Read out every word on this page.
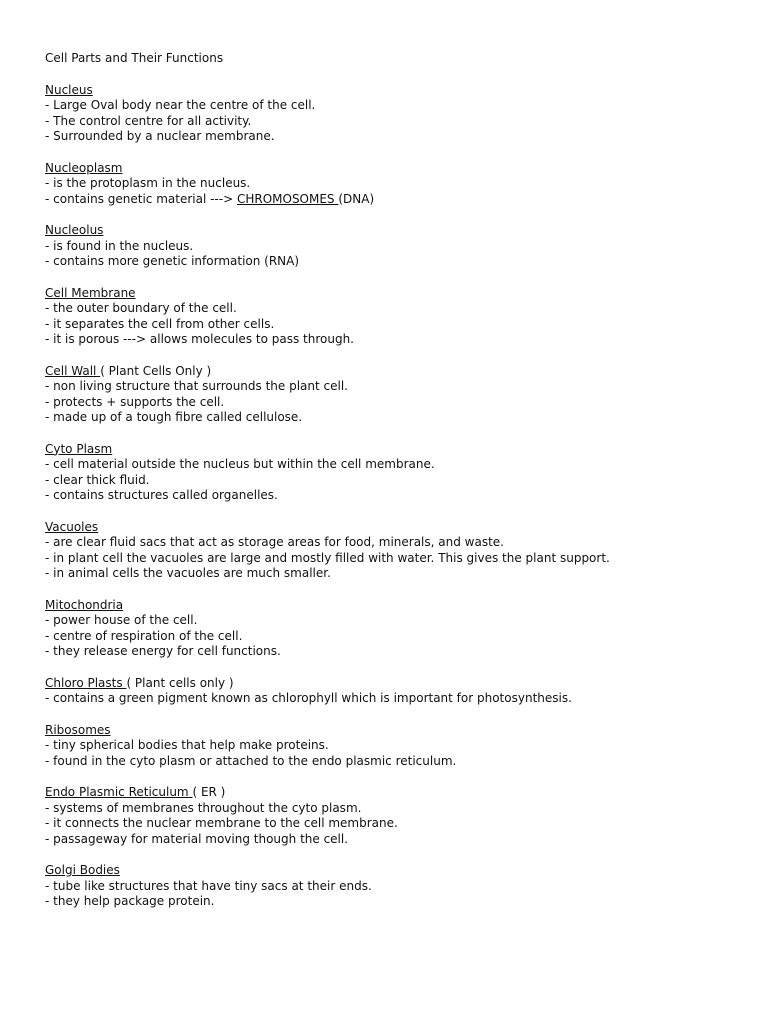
Cell Parts and Their Functions
Nucleus
- Large Oval body near the centre of the cell.
- The control centre for all activity.
- Surrounded by a nuclear membrane.
Nucleoplasm
- is the protoplasm in the nucleus.
- contains genetic material ---> CHROMOSOMES (DNA)
Nucleolus
- is found in the nucleus.
- contains more genetic information (RNA)
Cell Membrane
- the outer boundary of the cell.
- it separates the cell from other cells.
- it is porous ---> allows molecules to pass through.
Cell Wall ( Plant Cells Only )
- non living structure that surrounds the plant cell.
- protects + supports the cell.
- made up of a tough fibre called cellulose.
Cyto Plasm
- cell material outside the nucleus but within the cell membrane.
- clear thick fluid.
- contains structures called organelles.
Vacuoles
- are clear fluid sacs that act as storage areas for food, minerals, and waste.
- in plant cell the vacuoles are large and mostly filled with water. This gives the plant support.
- in animal cells the vacuoles are much smaller.
Mitochondria
- power house of the cell.
- centre of respiration of the cell.
- they release energy for cell functions.
Chloro Plasts ( Plant cells only )
- contains a green pigment known as chlorophyll which is important for photosynthesis.
Ribosomes
- tiny spherical bodies that help make proteins.
- found in the cyto plasm or attached to the endo plasmic reticulum.
Endo Plasmic Reticulum ( ER )
- systems of membranes throughout the cyto plasm.
- it connects the nuclear membrane to the cell membrane.
- passageway for material moving though the cell.
Golgi Bodies
- tube like structures that have tiny sacs at their ends.
- they help package protein.
